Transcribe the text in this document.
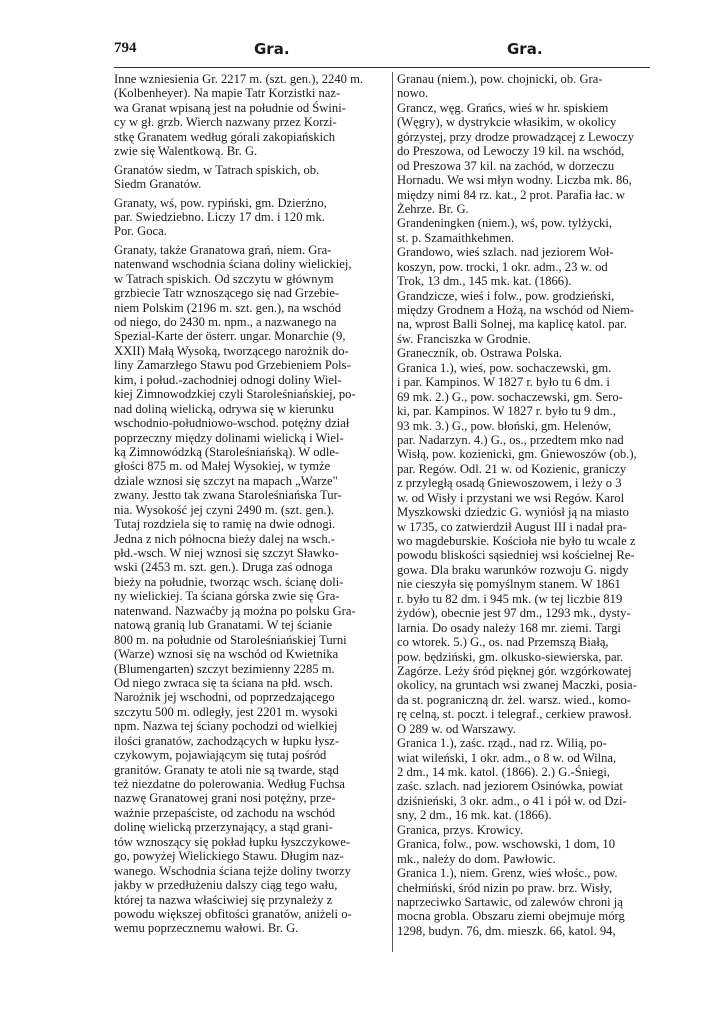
794	Gra.	Gra.
Inne wzniesienia Gr. 2217 m. (szt. gen.), 2240 m.
(Kolbenheyer). Na mapie Tatr Korzistki naz-
wa Granat wpisaną jest na południe od Świni-
cy w gł. grzb. Wierch nazwany przez Korzi-
stkę Granatem według górali zakopiańskich
zwie się Walentkową. Br. G.
Granatów siedm, w Tatrach spiskich, ob.
Siedm Granatów.
Granaty, wś, pow. rypiński, gm. Dzierżno,
par. Swiedziebno. Liczy 17 dm. i 120 mk.
Por. Goca.
Granaty, także Granatowa grań, niem. Gra-
natenwand wschodnia ściana doliny wielickiej,
w Tatrach spiskich. Od szczytu w głównym
grzbiecie Tatr wznoszącego się nad Grzebie-
niem Polskim (2196 m. szt. gen.), na wschód
od niego, do 2430 m. npm., a nazwanego na
Spezial-Karte der österr. ungar. Monarchie (9,
XXII) Małą Wysoką, tworzącego narożnik do-
liny Zamarzłego Stawu pod Grzebieniem Pols-
kim, i połud.-zachodniej odnogi doliny Wiel-
kiej Zimnowodzkiej czyli Staroleśniańskiej, po-
nad doliną wielicką, odrywa się w kierunku
wschodnio-południowo-wschod. potężny dział
poprzeczny między dolinami wielicką i Wiel-
ką Zimnowódzką (Staroleśniańską). W odle-
głości 875 m. od Małej Wysokiej, w tymże
dziale wznosi się szczyt na mapach „Warze"
zwany. Jestto tak zwana Staroleśniańska Tur-
nia. Wysokość jej czyni 2490 m. (szt. gen.).
Tutaj rozdziela się to ramię na dwie odnogi.
Jedna z nich północna bieży dalej na wsch.-
płd.-wsch. W niej wznosi się szczyt Sławko-
wski (2453 m. szt. gen.). Druga zaś odnoga
bieży na południe, tworząc wsch. ścianę doli-
ny wielickiej. Ta ściana górska zwie się Gra-
natenwand. Nazwaćby ją można po polsku Gra-
natową granią lub Granatami. W tej ścianie
800 m. na południe od Staroleśniańskiej Turni
(Warze) wznosi się na wschód od Kwietnika
(Blumengarten) szczyt bezimienny 2285 m.
Od niego zwraca się ta ściana na płd. wsch.
Narożnik jej wschodni, od poprzedzającego
szczytu 500 m. odległy, jest 2201 m. wysoki
npm. Nazwa tej ściany pochodzi od wielkiej
ilości granatów, zachodzących w łupku łysz-
czykowym, pojawiającym się tutaj pośród
granitów. Granaty te atoli nie są twarde, stąd
też niezdatne do polerowania. Według Fuchsa
nazwę Granatowej grani nosi potężny, prze-
ważnie przepaściste, od zachodu na wschód
dolinę wielicką przerzynający, a stąd grani-
tów wznoszący się pokład łupku łyszczykowe-
go, powyżej Wielickiego Stawu. Długim naz-
wanego. Wschodnia ściana tejże doliny tworzy
jakby w przedłużeniu dalszy ciąg tego wału,
której ta nazwa właściwiej się przynależy z
powodu większej obfitości granatów, aniżeli o-
wemu poprzecznemu wałowi. Br. G.
Granau (niem.), pow. chojnicki, ob. Gra-
nowo.
Grancz, węg. Grańcs, wieś w hr. spiskiem
(Węgry), w dystrykcie własikim, w okolicy
górzystej, przy drodze prowadzącej z Lewoczy
do Preszowa, od Lewoczy 19 kil. na wschód,
od Preszowa 37 kil. na zachód, w dorzeczu
Hornadu. We wsi młyn wodny. Liczba mk. 86,
między nimi 84 rz. kat., 2 prot. Parafia łac. w
Żehrze. Br. G.
Grandeningken (niem.), wś, pow. tylżycki,
st. p. Szamaithkehmen.
Grandowo, wieś szlach. nad jeziorem Woł-
koszyn, pow. trocki, 1 okr. adm., 23 w. od
Trok, 13 dm., 145 mk. kat. (1866).
Grandzicze, wieś i folw., pow. grodzieński,
między Grodnem a Hożą, na wschód od Niem-
na, wprost Balli Solnej, ma kaplicę katol. par.
św. Franciszka w Grodnie.
Graneczník, ob. Ostrawa Polska.
Granica 1.), wieś, pow. sochaczewski, gm.
i par. Kampinos. W 1827 r. było tu 6 dm. i
69 mk. 2.) G., pow. sochaczewski, gm. Sero-
ki, par. Kampinos. W 1827 r. było tu 9 dm.,
93 mk. 3.) G., pow. błoński, gm. Helenów,
par. Nadarzyn. 4.) G., os., przedtem mko nad
Wisłą, pow. kozienicki, gm. Gniewoszów (ob.),
par. Regów. Odl. 21 w. od Kozienic, graniczy
z przyległą osadą Gniewoszowem, i leży o 3
w. od Wisły i przystani we wsi Regów. Karol
Myszkowski dziedzic G. wyniósł ją na miasto
w 1735, co zatwierdził August III i nadał pra-
wo magdeburskie. Kościoła nie było tu wcale z
powodu bliskości sąsiedniej wsi kościelnej Re-
gowa. Dla braku warunków rozwoju G. nigdy
nie cieszyła się pomyślnym stanem. W 1861
r. było tu 82 dm. i 945 mk. (w tej liczbie 819
żydów), obecnie jest 97 dm., 1293 mk., dysty-
larnia. Do osady należy 168 mr. ziemi. Targi
co wtorek. 5.) G., os. nad Przemszą Białą,
pow. będziński, gm. olkusko-siewierska, par.
Zagórze. Leży śród pięknej gór. wzgórkowatej
okolicy, na gruntach wsi zwanej Maczki, posia-
da st. pograniczną dr. żel. warsz. wied., komo-
rę celną, st. poczt. i telegraf., cerkiew prawosł.
O 289 w. od Warszawy.
Granica 1.), zaśc. rząd., nad rz. Wilią, po-
wiat wileński, 1 okr. adm., o 8 w. od Wilna,
2 dm., 14 mk. katol. (1866). 2.) G.-Śniegi,
zaśc. szlach. nad jeziorem Osinówka, powiat
dziśnieński, 3 okr. adm., o 41 i pół w. od Dzi-
sny, 2 dm., 16 mk. kat. (1866).
Granica, przys. Krowicy.
Granica, folw., pow. wschowski, 1 dom, 10
mk., należy do dom. Pawłowic.
Granica 1.), niem. Grenz, wieś włośc., pow.
chełmiński, śród nizin po praw. brz. Wisły,
naprzeciwko Sartawic, od zalewów chroni ją
mocna grobla. Obszaru ziemi obejmuje mórg
1298, budyn. 76, dm. mieszk. 66, katol. 94,
